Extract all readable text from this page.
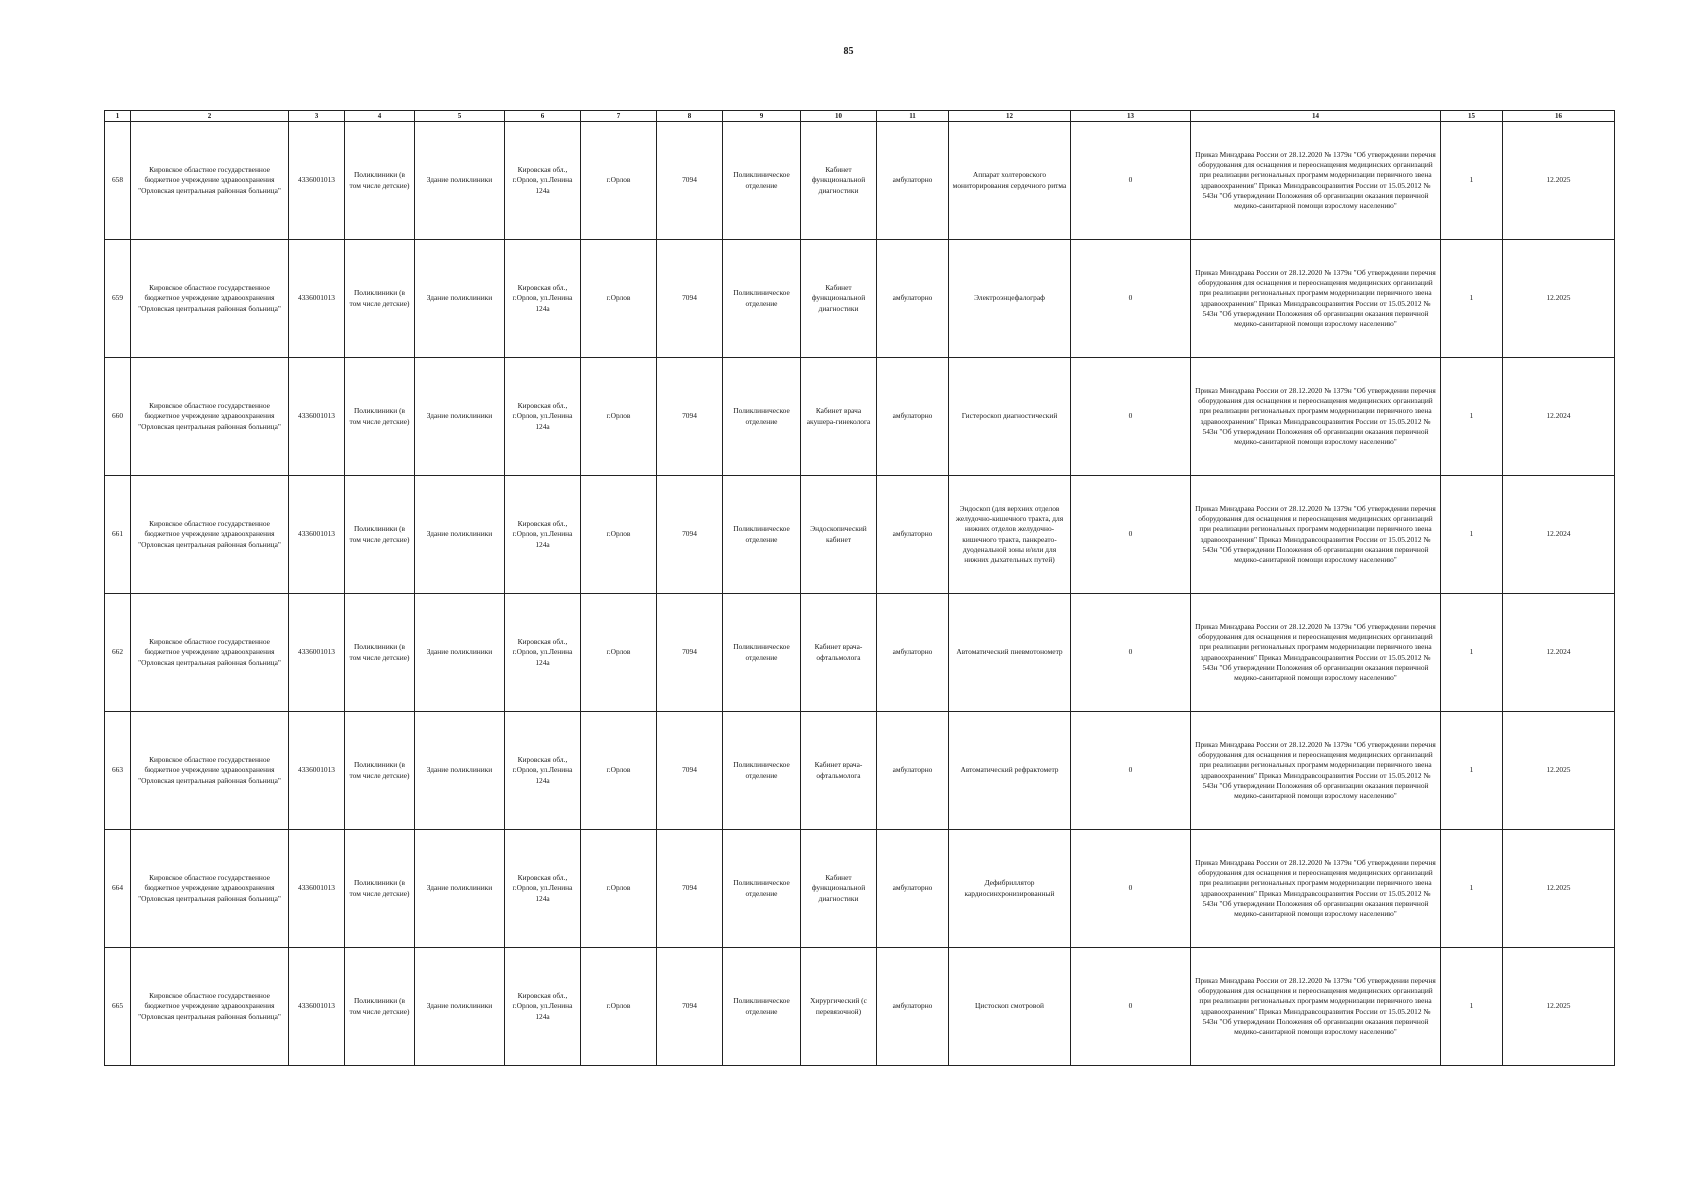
85
1	2	3	4	5	6	7	8	9	10	11	12	13	14	15	16
658	Кировское областное государственное бюджетное учреждение здравоохранения "Орловская центральная районная больница"	4336001013	Поликлиники (в том числе детские)	Здание поликлиники	Кировская обл., г.Орлов, ул.Ленина 124а	г.Орлов	7094	Поликлиническое отделение	Кабинет функциональной диагностики	амбулаторно	Аппарат холтеровского мониторирования сердечного ритма	0	Приказ Минздрава России от 28.12.2020 № 1379н "Об утверждении перечня оборудования для оснащения и переоснащения медицинских организаций при реализации региональных программ модернизации первичного звена здравоохранения" Приказ Минздравсоцразвития России от 15.05.2012 № 543н "Об утверждении Положения об организации оказания первичной медико-санитарной помощи взрослому населению"	1	12.2025
659	Кировское областное государственное бюджетное учреждение здравоохранения "Орловская центральная районная больница"	4336001013	Поликлиники (в том числе детские)	Здание поликлиники	Кировская обл., г.Орлов, ул.Ленина 124а	г.Орлов	7094	Поликлиническое отделение	Кабинет функциональной диагностики	амбулаторно	Электроэнцефалограф	0	Приказ Минздрава России от 28.12.2020 № 1379н "Об утверждении перечня оборудования для оснащения и переоснащения медицинских организаций при реализации региональных программ модернизации первичного звена здравоохранения" Приказ Минздравсоцразвития России от 15.05.2012 № 543н "Об утверждении Положения об организации оказания первичной медико-санитарной помощи взрослому населению"	1	12.2025
660	Кировское областное государственное бюджетное учреждение здравоохранения "Орловская центральная районная больница"	4336001013	Поликлиники (в том числе детские)	Здание поликлиники	Кировская обл., г.Орлов, ул.Ленина 124а	г.Орлов	7094	Поликлиническое отделение	Кабинет врача акушера-гинеколога	амбулаторно	Гистероскоп диагностический	0	Приказ Минздрава России от 28.12.2020 № 1379н "Об утверждении перечня оборудования для оснащения и переоснащения медицинских организаций при реализации региональных программ модернизации первичного звена здравоохранения" Приказ Минздравсоцразвития России от 15.05.2012 № 543н "Об утверждении Положения об организации оказания первичной медико-санитарной помощи взрослому населению"	1	12.2024
661	Кировское областное государственное бюджетное учреждение здравоохранения "Орловская центральная районная больница"	4336001013	Поликлиники (в том числе детские)	Здание поликлиники	Кировская обл., г.Орлов, ул.Ленина 124а	г.Орлов	7094	Поликлиническое отделение	Эндоскопический кабинет	амбулаторно	Эндоскоп (для верхних отделов желудочно-кишечного тракта, для нижних отделов желудочно-кишечного тракта, панкреато-дуоденальной зоны и/или для нижних дыхательных путей)	0	Приказ Минздрава России от 28.12.2020 № 1379н "Об утверждении перечня оборудования для оснащения и переоснащения медицинских организаций при реализации региональных программ модернизации первичного звена здравоохранения" Приказ Минздравсоцразвития России от 15.05.2012 № 543н "Об утверждении Положения об организации оказания первичной медико-санитарной помощи взрослому населению"	1	12.2024
662	Кировское областное государственное бюджетное учреждение здравоохранения "Орловская центральная районная больница"	4336001013	Поликлиники (в том числе детские)	Здание поликлиники	Кировская обл., г.Орлов, ул.Ленина 124а	г.Орлов	7094	Поликлиническое отделение	Кабинет врача-офтальмолога	амбулаторно	Автоматический пневмотонометр	0	Приказ Минздрава России от 28.12.2020 № 1379н "Об утверждении перечня оборудования для оснащения и переоснащения медицинских организаций при реализации региональных программ модернизации первичного звена здравоохранения" Приказ Минздравсоцразвития России от 15.05.2012 № 543н "Об утверждении Положения об организации оказания первичной медико-санитарной помощи взрослому населению"	1	12.2024
663	Кировское областное государственное бюджетное учреждение здравоохранения "Орловская центральная районная больница"	4336001013	Поликлиники (в том числе детские)	Здание поликлиники	Кировская обл., г.Орлов, ул.Ленина 124а	г.Орлов	7094	Поликлиническое отделение	Кабинет врача-офтальмолога	амбулаторно	Автоматический рефрактометр	0	Приказ Минздрава России от 28.12.2020 № 1379н "Об утверждении перечня оборудования для оснащения и переоснащения медицинских организаций при реализации региональных программ модернизации первичного звена здравоохранения" Приказ Минздравсоцразвития России от 15.05.2012 № 543н "Об утверждении Положения об организации оказания первичной медико-санитарной помощи взрослому населению"	1	12.2025
664	Кировское областное государственное бюджетное учреждение здравоохранения "Орловская центральная районная больница"	4336001013	Поликлиники (в том числе детские)	Здание поликлиники	Кировская обл., г.Орлов, ул.Ленина 124а	г.Орлов	7094	Поликлиническое отделение	Кабинет функциональной диагностики	амбулаторно	Дефибриллятор кардиосинхронизированный	0	Приказ Минздрава России от 28.12.2020 № 1379н "Об утверждении перечня оборудования для оснащения и переоснащения медицинских организаций при реализации региональных программ модернизации первичного звена здравоохранения" Приказ Минздравсоцразвития России от 15.05.2012 № 543н "Об утверждении Положения об организации оказания первичной медико-санитарной помощи взрослому населению"	1	12.2025
665	Кировское областное государственное бюджетное учреждение здравоохранения "Орловская центральная районная больница"	4336001013	Поликлиники (в том числе детские)	Здание поликлиники	Кировская обл., г.Орлов, ул.Ленина 124а	г.Орлов	7094	Поликлиническое отделение	Хирургический (с перевязочной)	амбулаторно	Цистоскоп смотровой	0	Приказ Минздрава России от 28.12.2020 № 1379н "Об утверждении перечня оборудования для оснащения и переоснащения медицинских организаций при реализации региональных программ модернизации первичного звена здравоохранения" Приказ Минздравсоцразвития России от 15.05.2012 № 543н "Об утверждении Положения об организации оказания первичной медико-санитарной помощи взрослому населению"	1	12.2025
